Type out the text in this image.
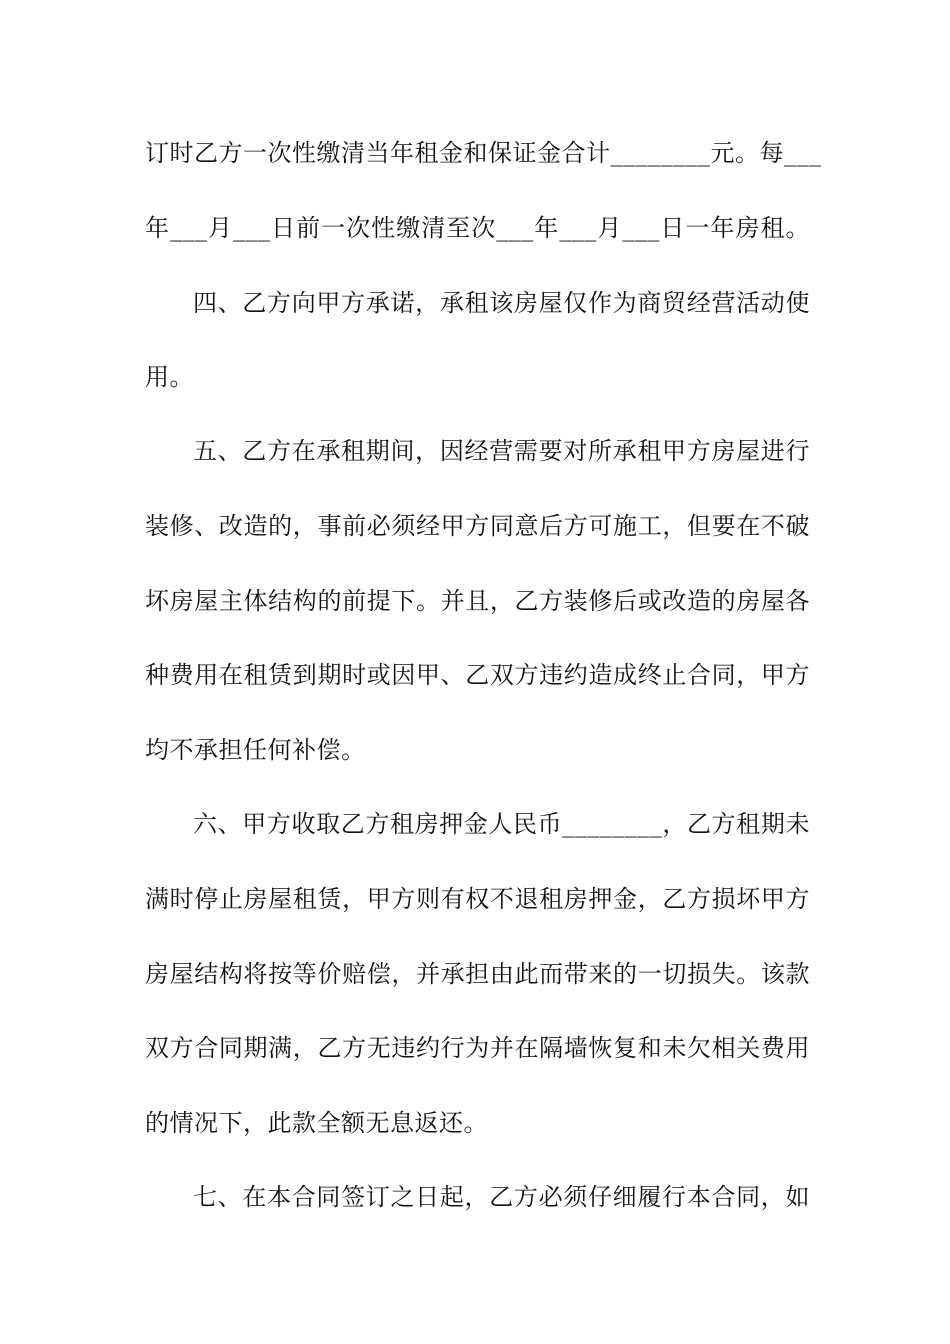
订时乙方一次性缴清当年租金和保证金合计________元。每___
年___月___日前一次性缴清至次___年___月___日一年房租。
四、乙方向甲方承诺，承租该房屋仅作为商贸经营活动使
用。
五、乙方在承租期间，因经营需要对所承租甲方房屋进行
装修、改造的，事前必须经甲方同意后方可施工，但要在不破
坏房屋主体结构的前提下。并且，乙方装修后或改造的房屋各
种费用在租赁到期时或因甲、乙双方违约造成终止合同，甲方
均不承担任何补偿。
六、甲方收取乙方租房押金人民币________，乙方租期未
满时停止房屋租赁，甲方则有权不退租房押金，乙方损坏甲方
房屋结构将按等价赔偿，并承担由此而带来的一切损失。该款
双方合同期满，乙方无违约行为并在隔墙恢复和未欠相关费用
的情况下，此款全额无息返还。
七、在本合同签订之日起，乙方必须仔细履行本合同，如
